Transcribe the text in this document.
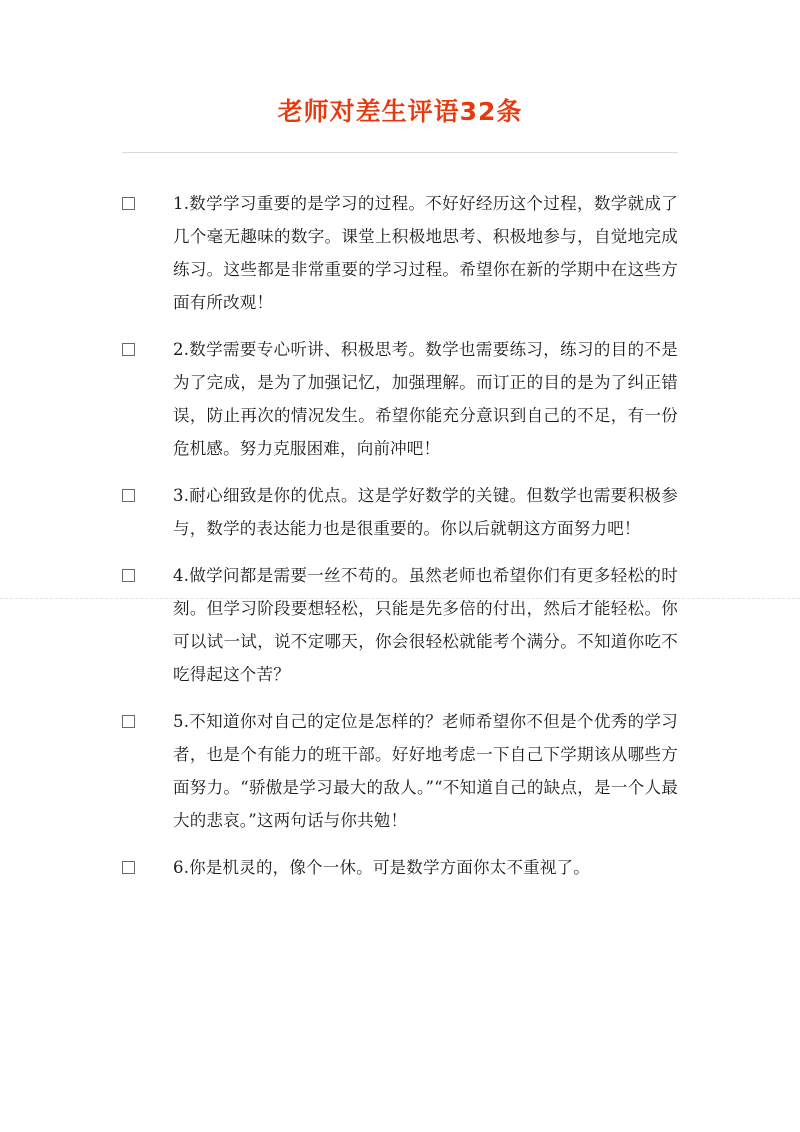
老师对差生评语32条
1.数学学习重要的是学习的过程。不好好经历这个过程，数学就成了几个毫无趣味的数字。课堂上积极地思考、积极地参与，自觉地完成练习。这些都是非常重要的学习过程。希望你在新的学期中在这些方面有所改观！
2.数学需要专心听讲、积极思考。数学也需要练习，练习的目的不是为了完成，是为了加强记忆，加强理解。而订正的目的是为了纠正错误，防止再次的情况发生。希望你能充分意识到自己的不足，有一份危机感。努力克服困难，向前冲吧！
3.耐心细致是你的优点。这是学好数学的关键。但数学也需要积极参与，数学的表达能力也是很重要的。你以后就朝这方面努力吧！
4.做学问都是需要一丝不苟的。虽然老师也希望你们有更多轻松的时刻。但学习阶段要想轻松，只能是先多倍的付出，然后才能轻松。你可以试一试，说不定哪天，你会很轻松就能考个满分。不知道你吃不吃得起这个苦？
5.不知道你对自己的定位是怎样的？老师希望你不但是个优秀的学习者，也是个有能力的班干部。好好地考虑一下自己下学期该从哪些方面努力。“骄傲是学习最大的敌人。”“不知道自己的缺点，是一个人最大的悲哀。”这两句话与你共勉！
6.你是机灵的，像个一休。可是数学方面你太不重视了。
